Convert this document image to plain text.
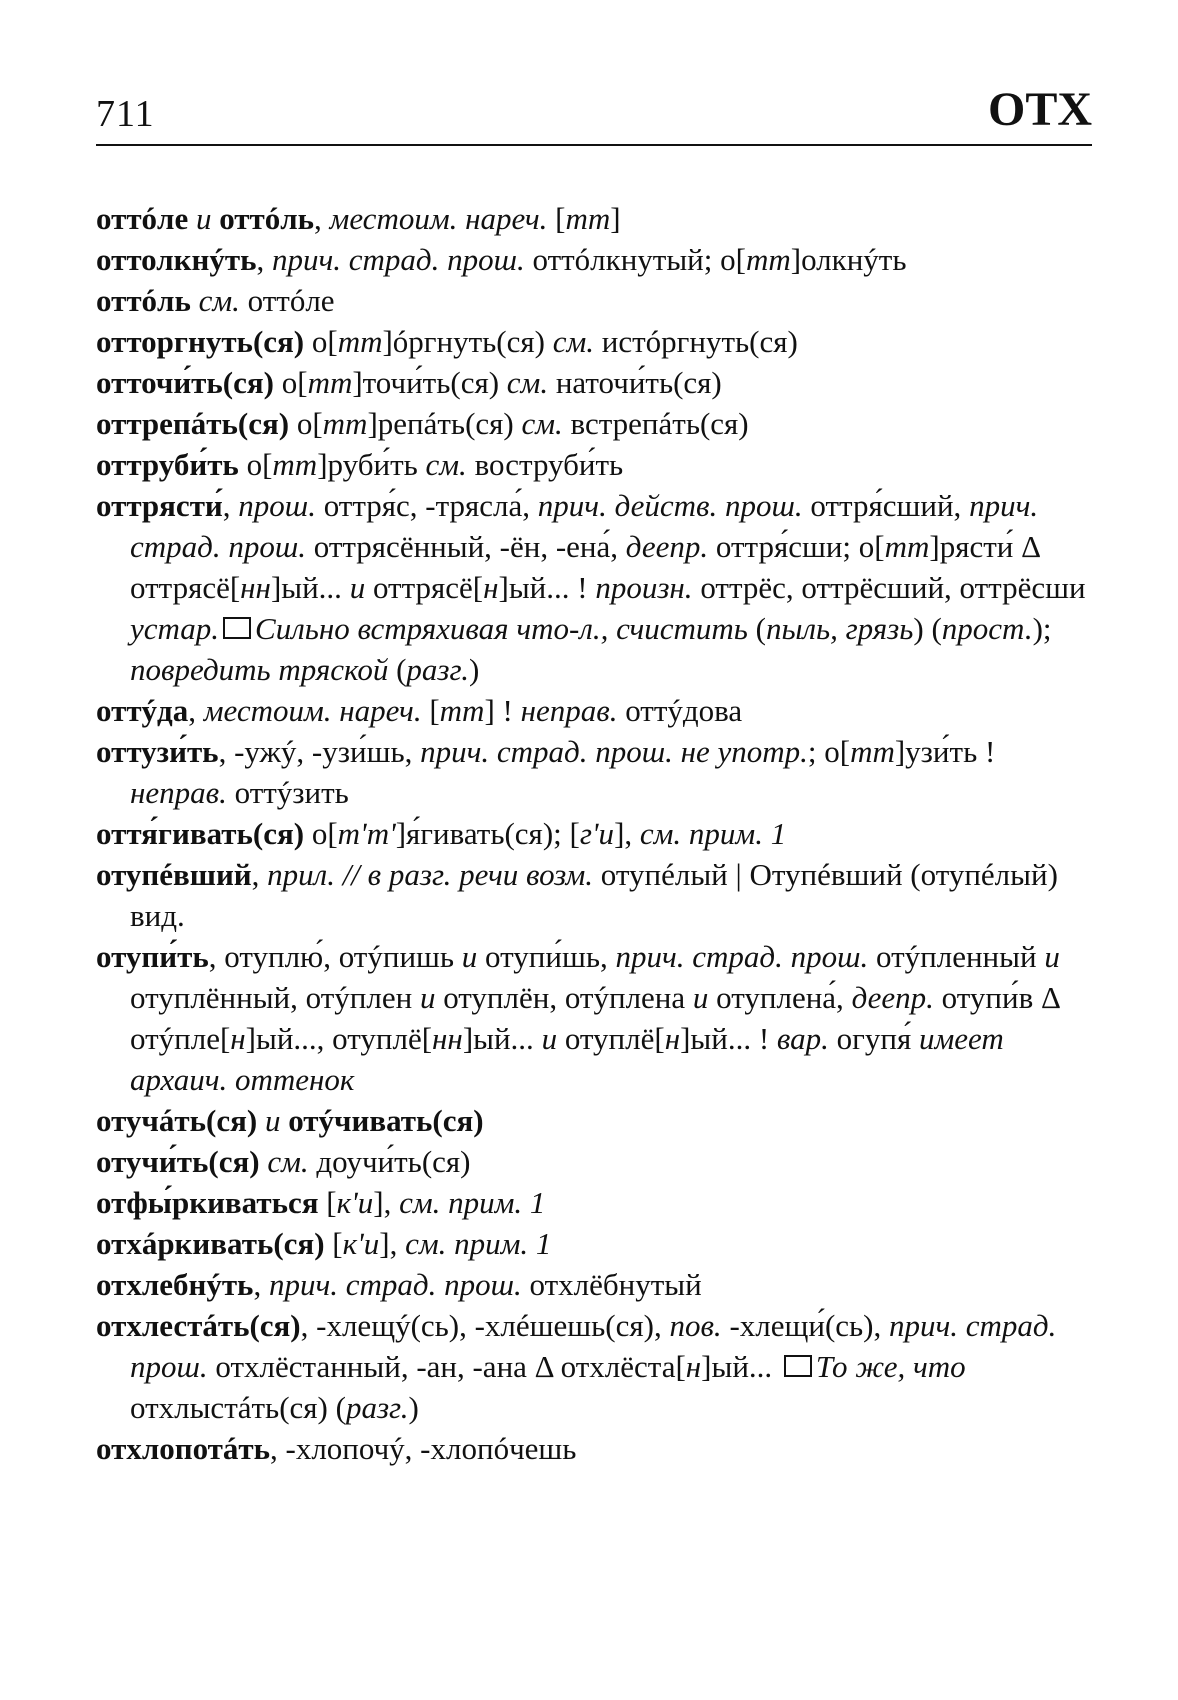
711	ОТХ
оттóле и оттóль, местоим. нареч. [тт]
оттолкнýть, прич. страд. прош. оттóлкнутый; о[тт]олкнýть
оттóль см. оттóле
отторгнуть(ся) о[тт]óргнуть(ся) см. истóргнуть(ся)
отточи́ть(ся) о[тт]точи́ть(ся) см. наточи́ть(ся)
оттрепáть(ся) о[тт]репáть(ся) см. встрепáть(ся)
оттруби́ть о[тт]руби́ть см. воструби́ть
оттрясти́, прош. оттря́с, -трясла́, прич. действ. прош. оттря́сший, прич. страд. прош. оттрясённый, -ён, -ена́, деепр. оттря́сши; о[тт]рясти́ Δ оттрясё[нн]ый... и оттрясё[н]ый... ! произн. оттрёс, оттрёсший, оттрёсши устар. Сильно встряхивая что-л., счистить (пыль, грязь) (прост.); повредить тряской (разг.)
оттýда, местоим. нареч. [тт] ! неправ. оттýдова
оттузи́ть, -ужý, -узи́шь, прич. страд. прош. не употр.; о[тт]узи́ть ! неправ. оттýзить
оття́гивать(ся) о[тʹтʹ]я́гивать(ся); [гʹи], см. прим. 1
отупéвший, прил. // в разг. речи возм. отупéлый | Отупéвший (отупéлый) вид.
отупи́ть, отуплю́, отýпишь и отупи́шь, прич. страд. прош. отýпленный и отуплённый, отýплен и отуплён, отýплена и отуплена́, деепр. отупи́в Δ отýпле[н]ый..., отуплё[нн]ый... и отуплё[н]ый... ! вар. огупя́ имеет архаич. оттенок
отучáть(ся) и отýчивать(ся)
отучи́ть(ся) см. доучи́ть(ся)
отфы́ркиваться [кʹи], см. прим. 1
отхáркивать(ся) [кʹи], см. прим. 1
отхлебнýть, прич. страд. прош. отхлёбнутый
отхлестáть(ся), -хлещý(сь), -хлéшешь(ся), пов. -хлещи́(сь), прич. страд. прош. отхлёстанный, -ан, -ана Δ отхлёста[н]ый... То же, что отхлыстáть(ся) (разг.)
отхлопотáть, -хлопочý, -хлопóчешь
